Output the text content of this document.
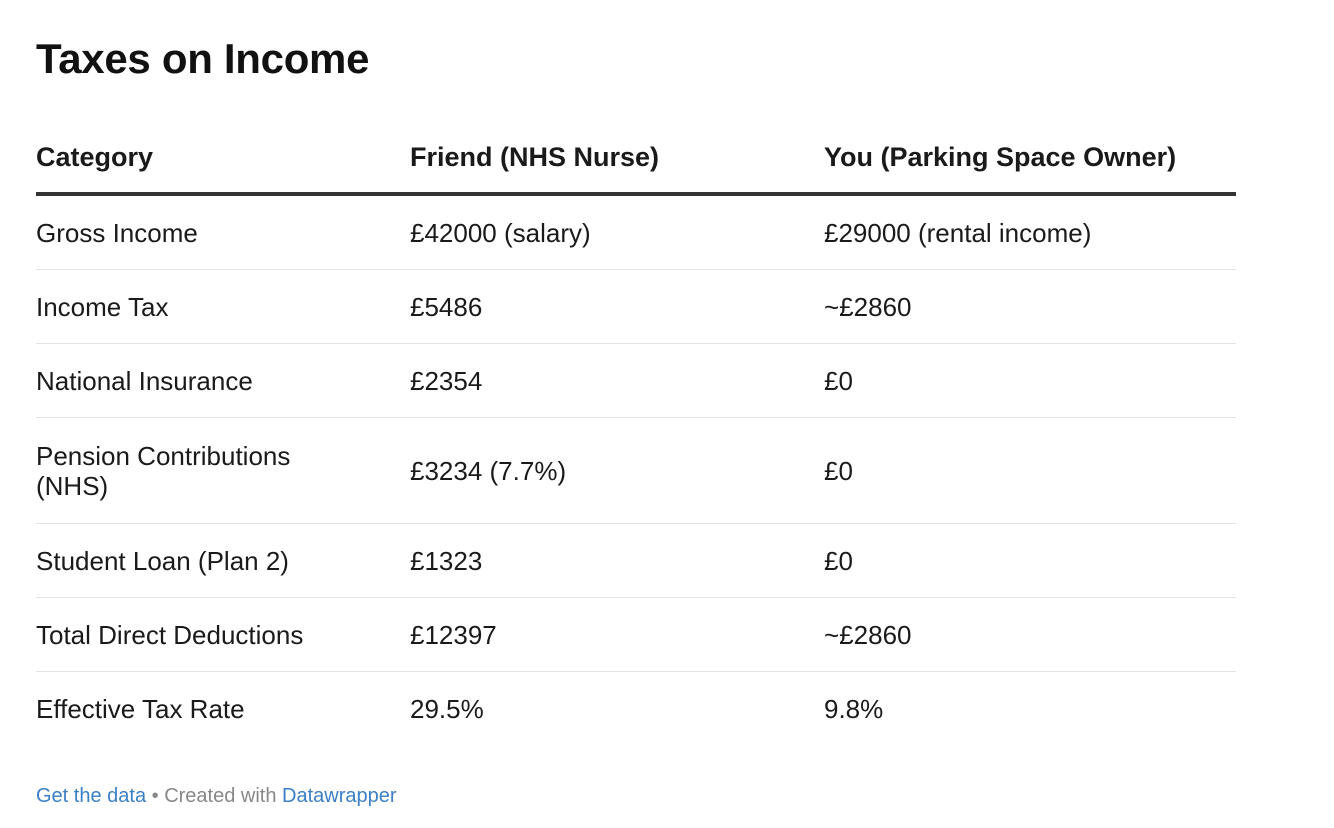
Taxes on Income
Category	Friend (NHS Nurse)	You (Parking Space Owner)
Gross Income	£42000 (salary)	£29000 (rental income)
Income Tax	£5486	~£2860
National Insurance	£2354	£0

Pension Contributions (NHS)	£3234 (7.7%)	£0
Student Loan (Plan 2)	£1323	£0
Total Direct Deductions	£12397	~£2860
Effective Tax Rate	29.5%	9.8%
Get the data • Created with Datawrapper
